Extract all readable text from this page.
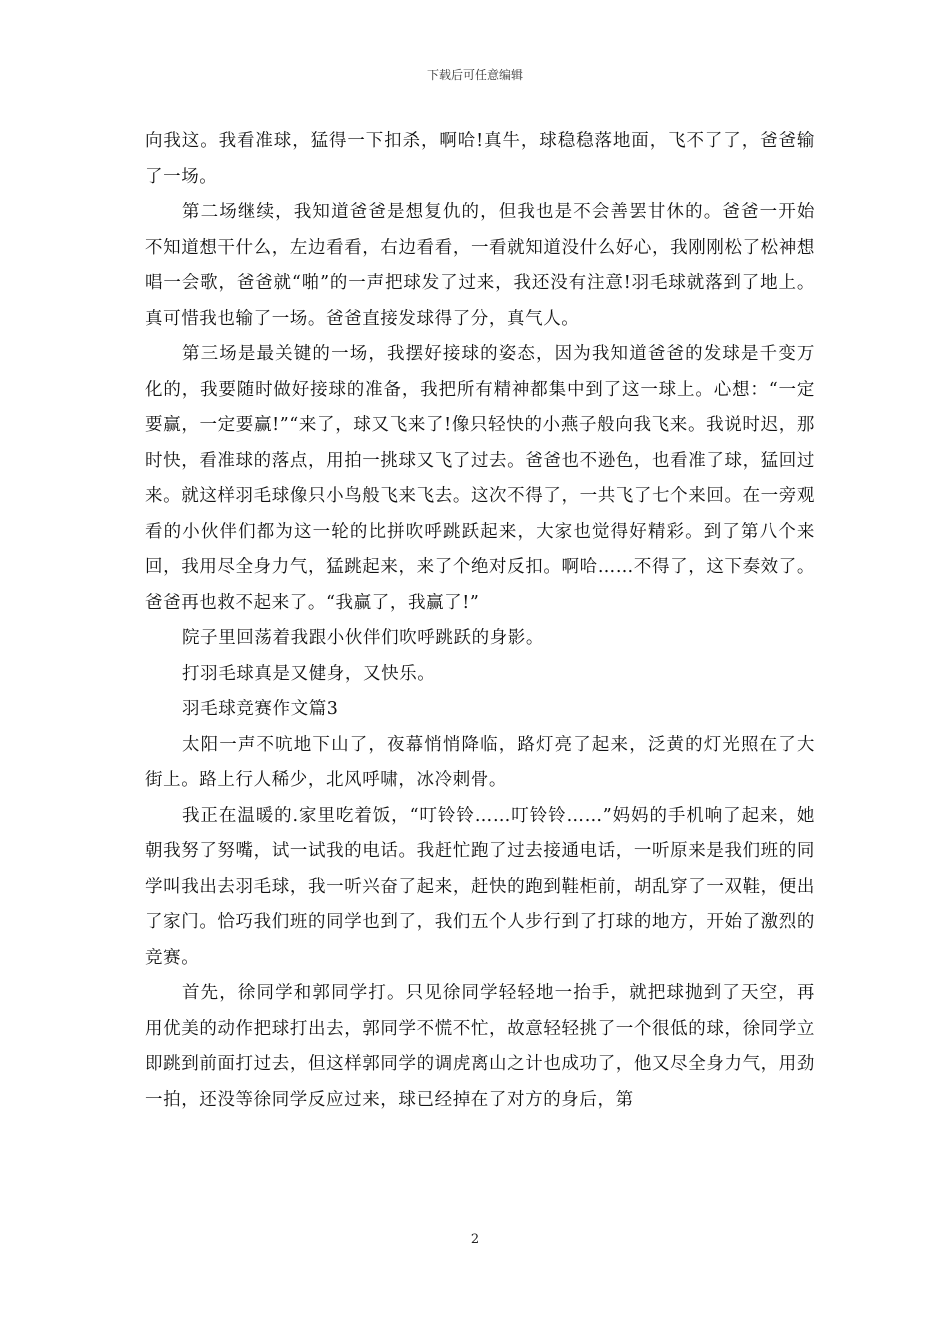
下载后可任意编辑

向我这。我看准球，猛得一下扣杀，啊哈!真牛，球稳稳落地面，飞不了了，爸爸输了一场。

第二场继续，我知道爸爸是想复仇的，但我也是不会善罢甘休的。爸爸一开始不知道想干什么，左边看看，右边看看，一看就知道没什么好心，我刚刚松了松神想唱一会歌，爸爸就“啪”的一声把球发了过来，我还没有注意!羽毛球就落到了地上。真可惜我也输了一场。爸爸直接发球得了分，真气人。

第三场是最关键的一场，我摆好接球的姿态，因为我知道爸爸的发球是千变万化的，我要随时做好接球的准备，我把所有精神都集中到了这一球上。心想：“一定要赢，一定要赢!”“来了，球又飞来了!像只轻快的小燕子般向我飞来。我说时迟，那时快，看准球的落点，用拍一挑球又飞了过去。爸爸也不逊色，也看准了球，猛回过来。就这样羽毛球像只小鸟般飞来飞去。这次不得了，一共飞了七个来回。在一旁观看的小伙伴们都为这一轮的比拼吹呼跳跃起来，大家也觉得好精彩。到了第八个来回，我用尽全身力气，猛跳起来，来了个绝对反扣。啊哈……不得了，这下奏效了。爸爸再也救不起来了。“我赢了，我赢了!”

院子里回荡着我跟小伙伴们吹呼跳跃的身影。

打羽毛球真是又健身，又快乐。

羽毛球竞赛作文篇3

太阳一声不吭地下山了，夜幕悄悄降临，路灯亮了起来，泛黄的灯光照在了大街上。路上行人稀少，北风呼啸，冰冷刺骨。

我正在温暖的.家里吃着饭，“叮铃铃……叮铃铃……”妈妈的手机响了起来，她朝我努了努嘴，试一试我的电话。我赶忙跑了过去接通电话，一听原来是我们班的同学叫我出去羽毛球，我一听兴奋了起来，赶快的跑到鞋柜前，胡乱穿了一双鞋，便出了家门。恰巧我们班的同学也到了，我们五个人步行到了打球的地方，开始了激烈的竞赛。

首先，徐同学和郭同学打。只见徐同学轻轻地一抬手，就把球抛到了天空，再用优美的动作把球打出去，郭同学不慌不忙，故意轻轻挑了一个很低的球，徐同学立即跳到前面打过去，但这样郭同学的调虎离山之计也成功了，他又尽全身力气，用劲一拍，还没等徐同学反应过来，球已经掉在了对方的身后，第

2
